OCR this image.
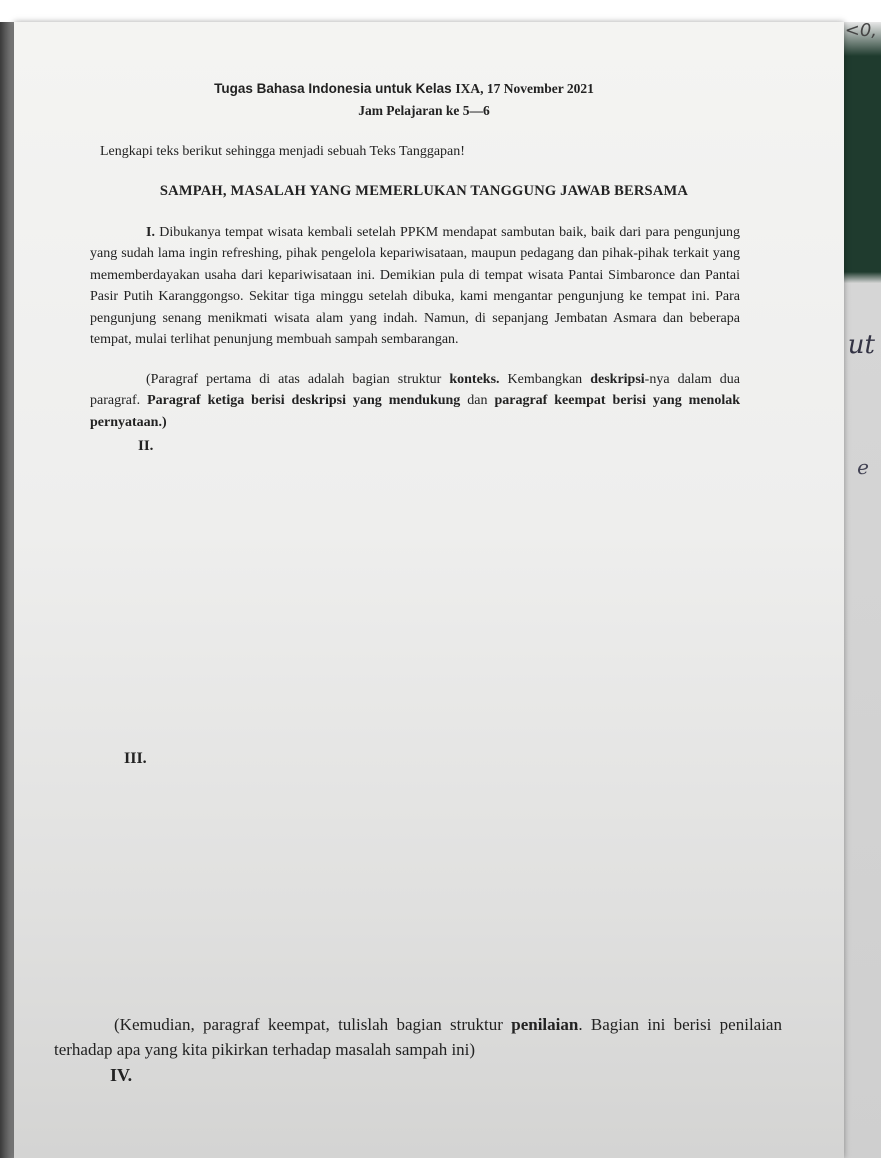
<0,
ut
e
Tugas Bahasa Indonesia untuk Kelas IXA, 17 November 2021
Jam Pelajaran ke 5—6
Lengkapi teks berikut sehingga menjadi sebuah Teks Tanggapan!
SAMPAH, MASALAH YANG MEMERLUKAN TANGGUNG JAWAB BERSAMA
I. Dibukanya tempat wisata kembali setelah PPKM mendapat sambutan baik, baik dari para pengunjung yang sudah lama ingin refreshing, pihak pengelola kepariwisataan, maupun pedagang dan pihak-pihak terkait yang mememberdayakan usaha dari kepariwisataan ini. Demikian pula di tempat wisata Pantai Simbaronce dan Pantai Pasir Putih Karanggongso. Sekitar tiga minggu setelah dibuka, kami mengantar pengunjung ke tempat ini. Para pengunjung senang menikmati wisata alam yang indah. Namun, di sepanjang Jembatan Asmara dan beberapa tempat, mulai terlihat penunjung membuah sampah sembarangan.
(Paragraf pertama di atas adalah bagian struktur konteks. Kembangkan deskripsi-nya dalam dua paragraf. Paragraf ketiga berisi deskripsi yang mendukung dan paragraf keempat berisi yang menolak pernyataan.)
II.
III.
(Kemudian, paragraf keempat, tulislah bagian struktur penilaian. Bagian ini berisi penilaian terhadap apa yang kita pikirkan terhadap masalah sampah ini)
IV.
